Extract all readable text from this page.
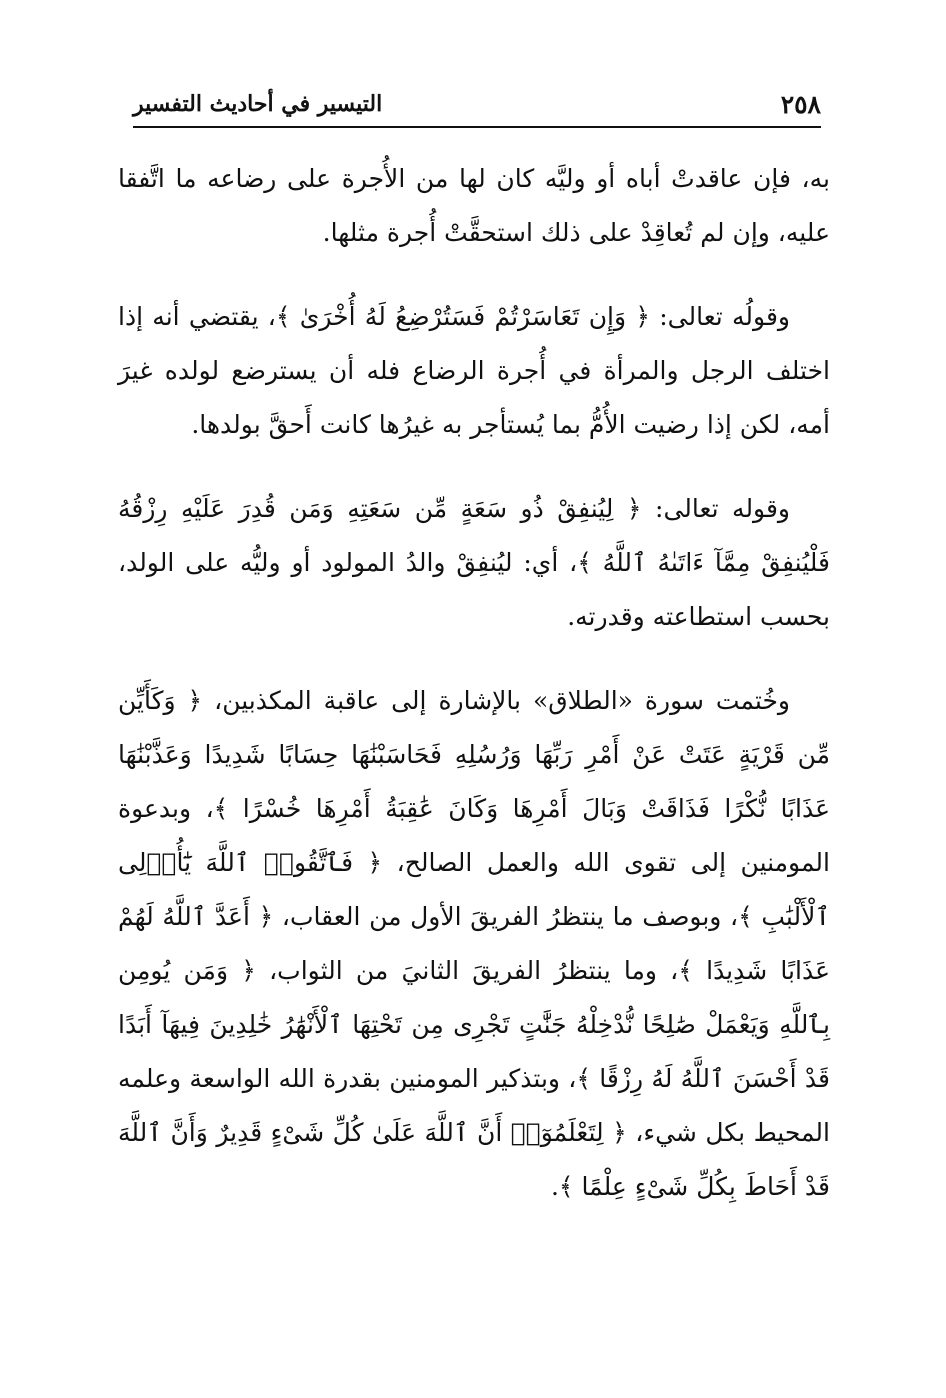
٢٥٨
التيسير في أحاديث التفسير

به، فإن عاقدتْ أباه أو وليَّه كان لها من الأُجرة على رضاعه ما اتَّفقا عليه، وإن لم تُعاقِدْ على ذلك استحقَّتْ أُجرة مثلها.

وقولُه تعالى: ﴿ وَإِن تَعَاسَرْتُمْ فَسَتُرْضِعُ لَهُ أُخْرَىٰ ﴾، يقتضي أنه إذا اختلف الرجل والمرأة في أُجرة الرضاع فله أن يسترضع لولده غيرَ أمه، لكن إذا رضيت الأُمُّ بما يُستأجر به غيرُها كانت أَحقَّ بولدها.

وقوله تعالى: ﴿ لِيُنفِقْ ذُو سَعَةٍ مِّن سَعَتِهِ وَمَن قُدِرَ عَلَيْهِ رِزْقُهُ فَلْيُنفِقْ مِمَّآ ءَاتَىٰهُ ٱللَّهُ ﴾، أي: ليُنفِقْ والدُ المولود أو وليُّه على الولد، بحسب استطاعته وقدرته.

وخُتمت سورة «الطلاق» بالإشارة إلى عاقبة المكذبين، ﴿ وَكَأَيِّن مِّن قَرْيَةٍ عَتَتْ عَنْ أَمْرِ رَبِّهَا وَرُسُلِهِ فَحَاسَبْنَٰهَا حِسَابًا شَدِيدًا وَعَذَّبْنَٰهَا عَذَابًا نُّكْرًا فَذَاقَتْ وَبَالَ أَمْرِهَا وَكَانَ عَٰقِبَةُ أَمْرِهَا خُسْرًا ﴾، وبدعوة المومنين إلى تقوى الله والعمل الصالح، ﴿ فَٱتَّقُوا۟ ٱللَّهَ يَٰٓأُو۟لِى ٱلْأَلْبَٰبِ ﴾، وبوصف ما ينتظرُ الفريقَ الأول من العقاب، ﴿ أَعَدَّ ٱللَّهُ لَهُمْ عَذَابًا شَدِيدًا ﴾، وما ينتظرُ الفريقَ الثانيَ من الثواب، ﴿ وَمَن يُومِن بِٱللَّهِ وَيَعْمَلْ صَٰلِحًا نُّدْخِلْهُ جَنَّٰتٍ تَجْرِى مِن تَحْتِهَا ٱلْأَنْهَٰرُ خَٰلِدِينَ فِيهَآ أَبَدًا قَدْ أَحْسَنَ ٱللَّهُ لَهُ رِزْقًا ﴾، وبتذكير المومنين بقدرة الله الواسعة وعلمه المحيط بكل شيء، ﴿ لِتَعْلَمُوٓا۟ أَنَّ ٱللَّهَ عَلَىٰ كُلِّ شَىْءٍ قَدِيرٌ وَأَنَّ ٱللَّهَ قَدْ أَحَاطَ بِكُلِّ شَىْءٍ عِلْمًا ﴾.
